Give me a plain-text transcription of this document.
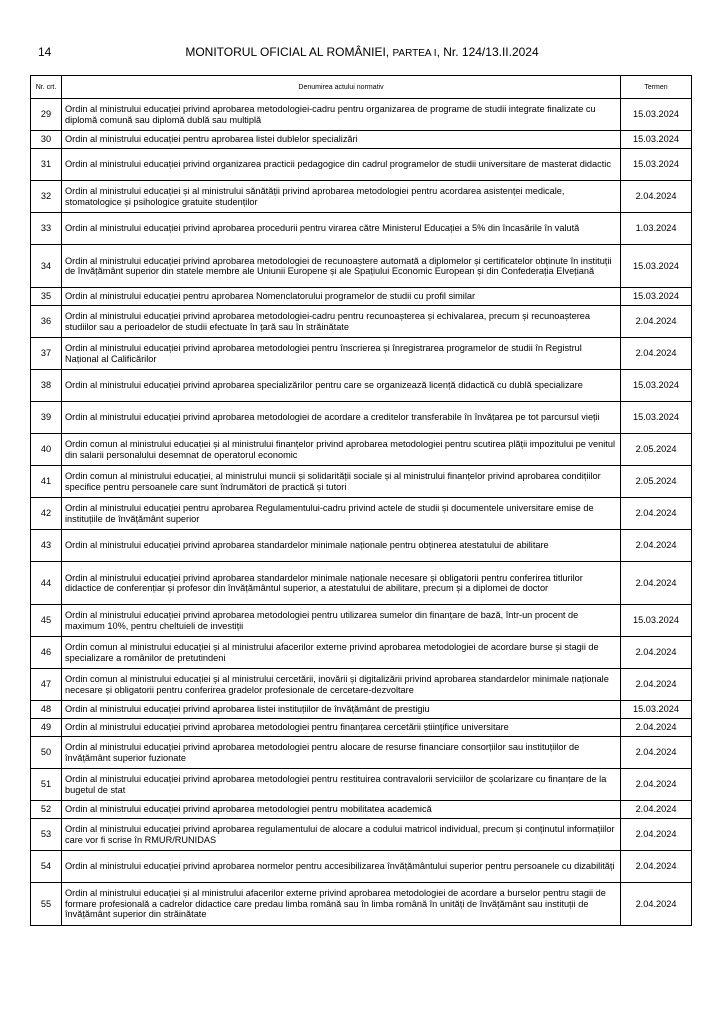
14	MONITORUL OFICIAL AL ROMÂNIEI, PARTEA I, Nr. 124/13.II.2024
Nr. crt.	Denumirea actului normativ	Termen
29	Ordin al ministrului educației privind aprobarea metodologiei-cadru pentru organizarea de programe de studii integrate finalizate cu diplomă comună sau diplomă dublă sau multiplă	15.03.2024
30	Ordin al ministrului educației pentru aprobarea listei dublelor specializări	15.03.2024
31	Ordin al ministrului educației privind organizarea practicii pedagogice din cadrul programelor de studii universitare de masterat didactic	15.03.2024
32	Ordin al ministrului educației și al ministrului sănătății privind aprobarea metodologiei pentru acordarea asistenței medicale, stomatologice și psihologice gratuite studenților	2.04.2024
33	Ordin al ministrului educației privind aprobarea procedurii pentru virarea către Ministerul Educației a 5% din încasările în valută	1.03.2024
34	Ordin al ministrului educației privind aprobarea metodologiei de recunoaștere automată a diplomelor și certificatelor obținute în instituții de învățământ superior din statele membre ale Uniunii Europene și ale Spațiului Economic European și din Confederația Elvețiană	15.03.2024
35	Ordin al ministrului educației pentru aprobarea Nomenclatorului programelor de studii cu profil similar	15.03.2024
36	Ordin al ministrului educației privind aprobarea metodologiei-cadru pentru recunoașterea și echivalarea, precum și recunoașterea studiilor sau a perioadelor de studii efectuate în țară sau în străinătate	2.04.2024
37	Ordin al ministrului educației privind aprobarea metodologiei pentru înscrierea și înregistrarea programelor de studii în Registrul Național al Calificărilor	2.04.2024
38	Ordin al ministrului educației privind aprobarea specializărilor pentru care se organizează licență didactică cu dublă specializare	15.03.2024
39	Ordin al ministrului educației privind aprobarea metodologiei de acordare a creditelor transferabile în învățarea pe tot parcursul vieții	15.03.2024
40	Ordin comun al ministrului educației și al ministrului finanțelor privind aprobarea metodologiei pentru scutirea plății impozitului pe venitul din salarii personalului desemnat de operatorul economic	2.05.2024
41	Ordin comun al ministrului educației, al ministrului muncii și solidarității sociale și al ministrului finanțelor privind aprobarea condițiilor specifice pentru persoanele care sunt îndrumători de practică și tutori	2.05.2024
42	Ordin al ministrului educației pentru aprobarea Regulamentului-cadru privind actele de studii și documentele universitare emise de instituțiile de învățământ superior	2.04.2024
43	Ordin al ministrului educației privind aprobarea standardelor minimale naționale pentru obținerea atestatului de abilitare	2.04.2024
44	Ordin al ministrului educației privind aprobarea standardelor minimale naționale necesare și obligatorii pentru conferirea titlurilor didactice de conferențiar și profesor din învățământul superior, a atestatului de abilitare, precum și a diplomei de doctor	2.04.2024
45	Ordin al ministrului educației privind aprobarea metodologiei pentru utilizarea sumelor din finanțare de bază, într-un procent de maximum 10%, pentru cheltuieli de investiții	15.03.2024
46	Ordin comun al ministrului educației și al ministrului afacerilor externe privind aprobarea metodologiei de acordare burse și stagii de specializare a românilor de pretutindeni	2.04.2024
47	Ordin comun al ministrului educației și al ministrului cercetării, inovării și digitalizării privind aprobarea standardelor minimale naționale necesare și obligatorii pentru conferirea gradelor profesionale de cercetare-dezvoltare	2.04.2024
48	Ordin al ministrului educației privind aprobarea listei instituțiilor de învățământ de prestigiu	15.03.2024
49	Ordin al ministrului educației privind aprobarea metodologiei pentru finanțarea cercetării științifice universitare	2.04.2024
50	Ordin al ministrului educației privind aprobarea metodologiei pentru alocare de resurse financiare consorțiilor sau instituțiilor de învățământ superior fuzionate	2.04.2024
51	Ordin al ministrului educației privind aprobarea metodologiei pentru restituirea contravalorii serviciilor de școlarizare cu finanțare de la bugetul de stat	2.04.2024
52	Ordin al ministrului educației privind aprobarea metodologiei pentru mobilitatea academică	2.04.2024
53	Ordin al ministrului educației privind aprobarea regulamentului de alocare a codului matricol individual, precum și conținutul informațiilor care vor fi scrise în RMUR/RUNIDAS	2.04.2024
54	Ordin al ministrului educației privind aprobarea normelor pentru accesibilizarea învățământului superior pentru persoanele cu dizabilități	2.04.2024
55	Ordin al ministrului educației și al ministrului afacerilor externe privind aprobarea metodologiei de acordare a burselor pentru stagii de formare profesională a cadrelor didactice care predau limba română sau în limba română în unități de învățământ sau instituții de învățământ superior din străinătate	2.04.2024
